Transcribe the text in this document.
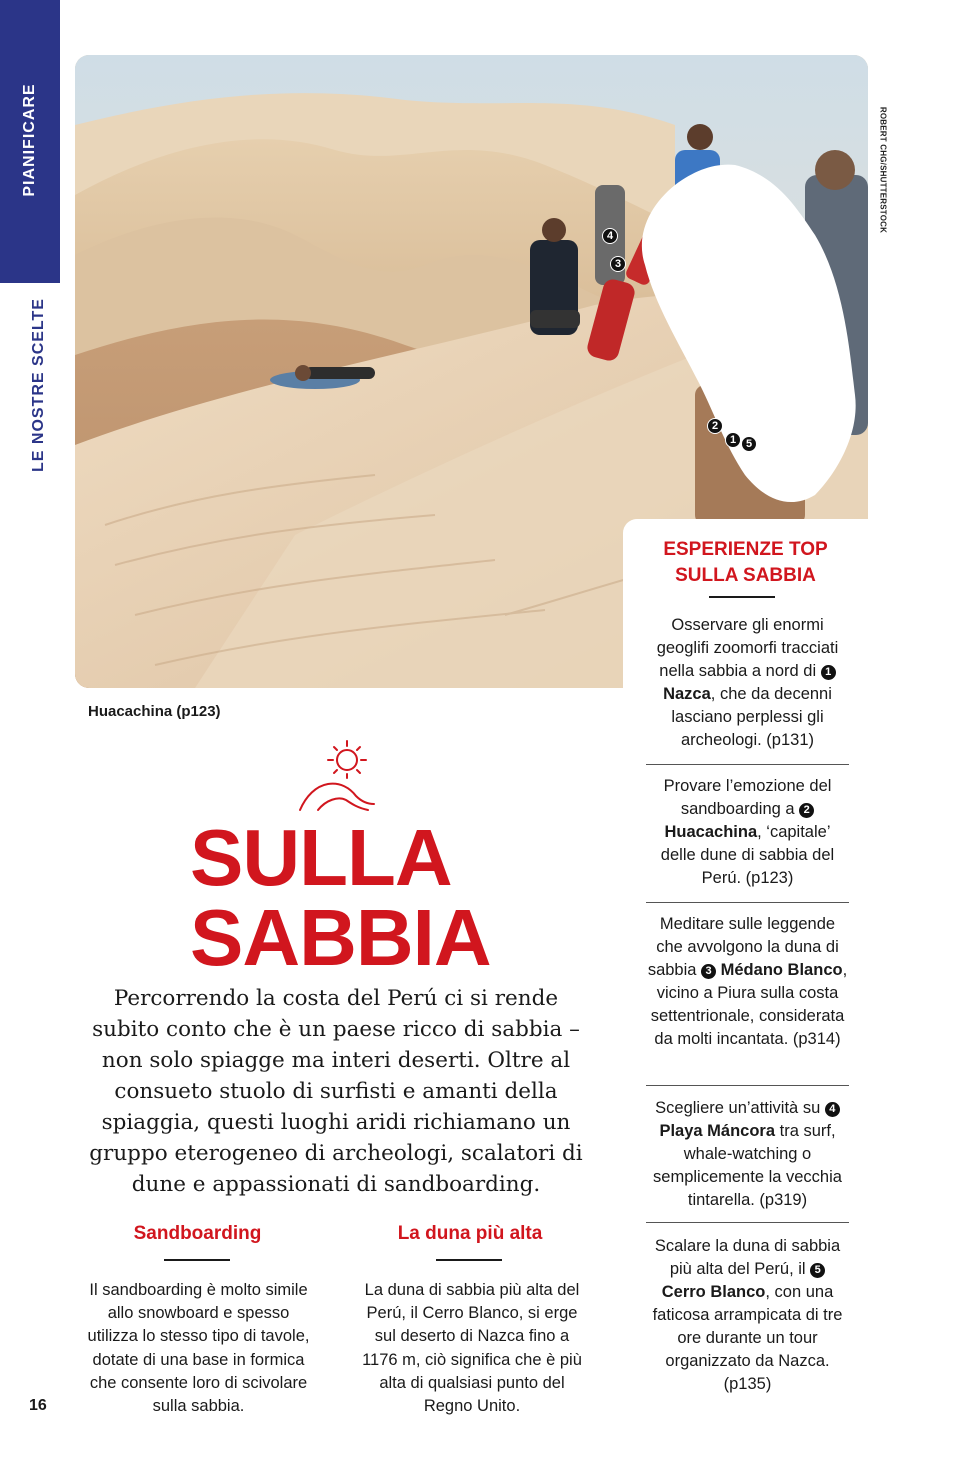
PIANIFICARE
LE NOSTRE SCELTE
4
3
2
1 5
ROBERT CHG/SHUTTERSTOCK
Huacachina (p123)
SULLA
SABBIA
Percorrendo la costa del Perú ci si rende subito conto che è un paese ricco di sabbia – non solo spiagge ma interi deserti. Oltre al consueto stuolo di surfisti e amanti della spiaggia, questi luoghi aridi richiamano un gruppo eterogeneo di archeologi, scalatori di dune e appassionati di sandboarding.
Sandboarding
Il sandboarding è molto simile allo snowboard e spesso utilizza lo stesso tipo di tavole, dotate di una base in formica che consente loro di scivolare sulla sabbia.
La duna più alta
La duna di sabbia più alta del Perú, il Cerro Blanco, si erge sul deserto di Nazca fino a 1176 m, ciò significa che è più alta di qualsiasi punto del Regno Unito.
16
ESPERIENZE TOP
SULLA SABBIA
Osservare gli enormi geoglifi zoomorfi tracciati nella sabbia a nord di 1 Nazca, che da decenni lasciano perplessi gli archeologi. (p131)
Provare l’emozione del sandboarding a 2 Huacachina, ‘capitale’ delle dune di sabbia del Perú. (p123)
Meditare sulle leggende che avvolgono la duna di sabbia 3 Médano Blanco, vicino a Piura sulla costa settentrionale, considerata da molti incantata. (p314)
Scegliere un’attività su 4 Playa Máncora tra surf, whale-watching o semplicemente la vecchia tintarella. (p319)
Scalare la duna di sabbia più alta del Perú, il 5 Cerro Blanco, con una faticosa arrampicata di tre ore durante un tour organizzato da Nazca. (p135)
